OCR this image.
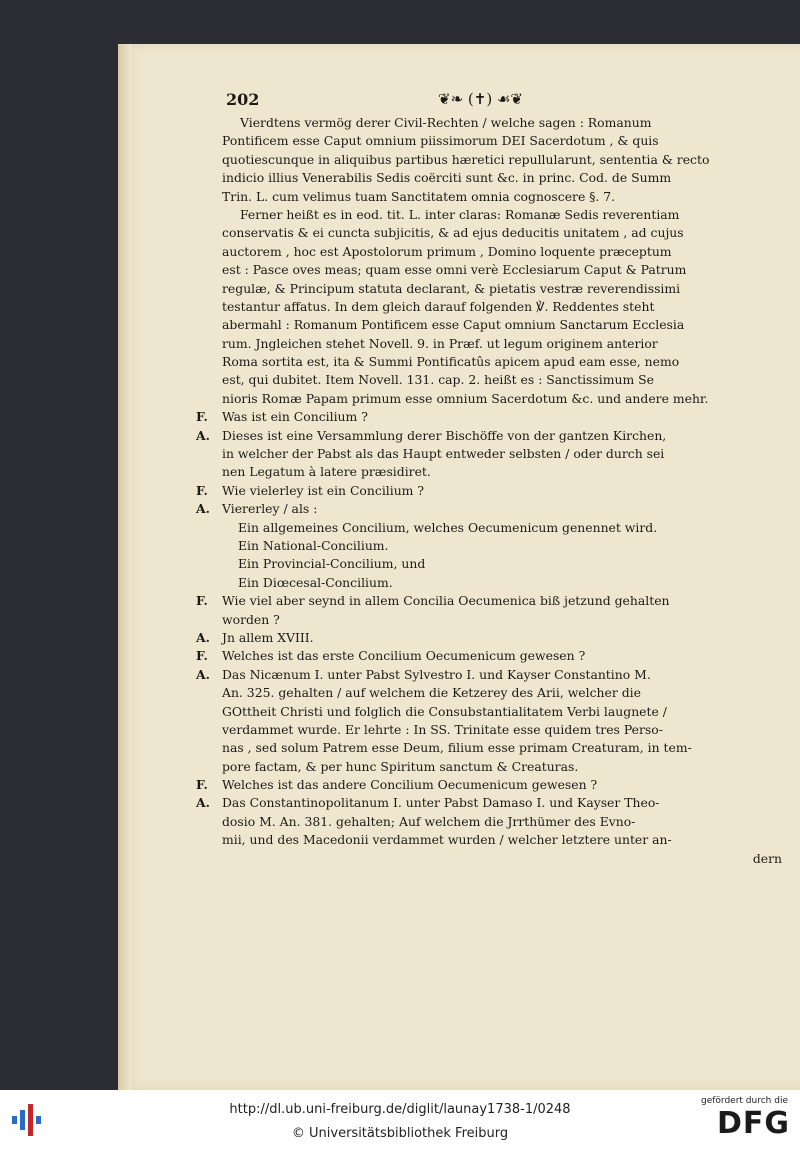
202	❦❧ (✝) ☙❦
Vierdtens vermög derer Civil-Rechten / welche sagen : Romanum
Pontificem esse Caput omnium piissimorum DEI Sacerdotum , & quis
quotiescunque in aliquibus partibus hæretici repullularunt, sententia & recto
indicio illius Venerabilis Sedis coërciti sunt &c. in princ. Cod. de Summ
Trin. L. cum velimus tuam Sanctitatem omnia cognoscere §. 7.
Ferner heißt es in eod. tit. L. inter claras: Romanæ Sedis reverentiam
conservatis & ei cuncta subjicitis, & ad ejus deducitis unitatem , ad cujus
auctorem , hoc est Apostolorum primum , Domino loquente præceptum
est : Pasce oves meas; quam esse omni verè Ecclesiarum Caput & Patrum
regulæ, & Principum statuta declarant, & pietatis vestræ reverendissimi
testantur affatus. In dem gleich darauf folgenden ℣. Reddentes steht
abermahl : Romanum Pontificem esse Caput omnium Sanctarum Ecclesia
rum. Jngleichen stehet Novell. 9. in Præf. ut legum originem anterior
Roma sortita est, ita & Summi Pontificatûs apicem apud eam esse, nemo
est, qui dubitet. Item Novell. 131. cap. 2. heißt es : Sanctissimum Se
nioris Romæ Papam primum esse omnium Sacerdotum &c. und andere mehr.
F. Was ist ein Concilium ?
A. Dieses ist eine Versammlung derer Bischöffe von der gantzen Kirchen,
in welcher der Pabst als das Haupt entweder selbsten / oder durch sei
nen Legatum à latere præsidiret.
F. Wie vielerley ist ein Concilium ?
A. Viererley / als :
Ein allgemeines Concilium, welches Oecumenicum genennet wird.
Ein National-Concilium.
Ein Provincial-Concilium, und
Ein Diœcesal-Concilium.
F. Wie viel aber seynd in allem Concilia Oecumenica biß jetzund gehalten
worden ?
A. Jn allem XVIII.
F. Welches ist das erste Concilium Oecumenicum gewesen ?
A. Das Nicænum I. unter Pabst Sylvestro I. und Kayser Constantino M.
An. 325. gehalten / auf welchem die Ketzerey des Arii, welcher die
GOttheit Christi und folglich die Consubstantialitatem Verbi laugnete /
verdammet wurde. Er lehrte : In SS. Trinitate esse quidem tres Perso-
nas , sed solum Patrem esse Deum, filium esse primam Creaturam, in tem-
pore factam, & per hunc Spiritum sanctum & Creaturas.
F. Welches ist das andere Concilium Oecumenicum gewesen ?
A. Das Constantinopolitanum I. unter Pabst Damaso I. und Kayser Theo-
dosio M. An. 381. gehalten; Auf welchem die Jrrthümer des Evno-
mii, und des Macedonii verdammet wurden / welcher letztere unter an-
dern
http://dl.ub.uni-freiburg.de/diglit/launay1738-1/0248
© Universitätsbibliothek Freiburg
gefördert durch die
DFG
